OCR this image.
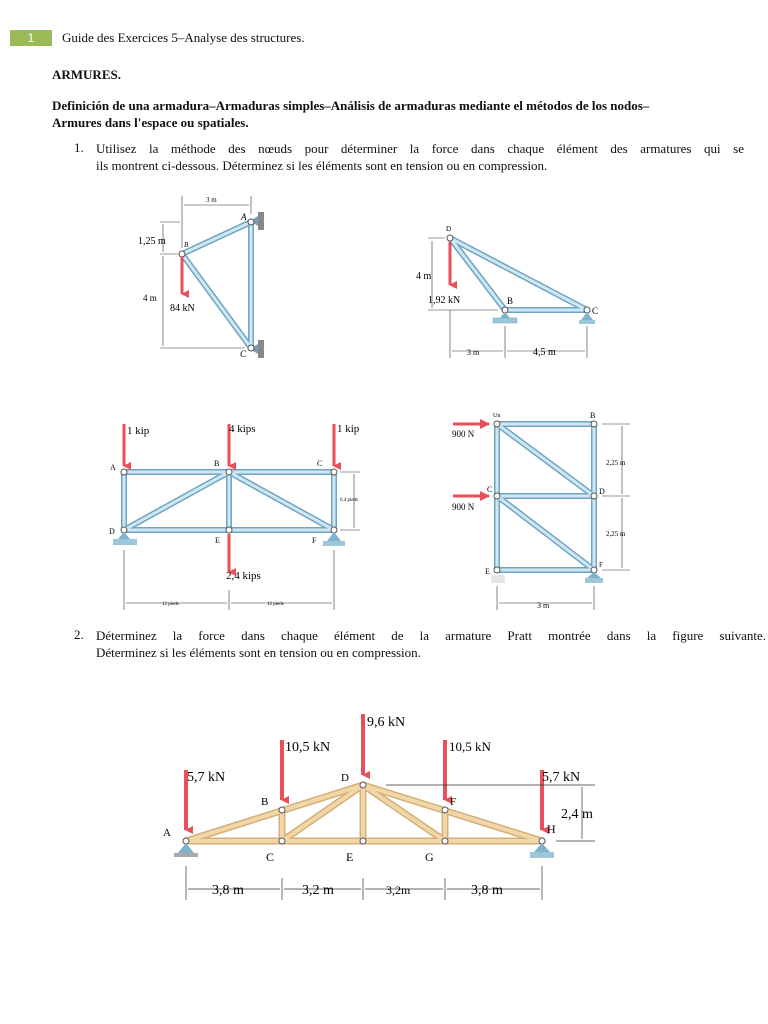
1	Guide des Exercices 5–Analyse des structures.
ARMURES.
Definición de una armadura–Armaduras simples–Análisis de armaduras mediante el métodos de los nodos–
Armures dans l'espace ou spatiales.
1. Utilisez la méthode des nœuds pour déterminer la force dans chaque élément des armatures qui se
ils montrent ci-dessous. Déterminez si les éléments sont en tension ou en compression.
2. Déterminez la force dans chaque élément de la armature Pratt montrée dans la figure suivante.
Déterminez si les éléments sont en tension ou en compression.
3 m
1,25 m
4 m
84 kN
A
B
C
D
4 m
1,92 kN	B
C
3 m	4,5 m
1 kip	4 kips	1 kip
2,4 kips
A	B	C
D
E	F
6.4 pieds
12 pieds	12 pieds
Un	B
C	D
E
F
900 N
900 N
2,25 m
2,25 m
3 m
5,7 kN
10,5 kN
9,6 kN
10,5 kN
5,7 kN
A
B
C
D
E
F
G
H
2,4 m
3,8 m	3,2 m	3,2m	3,8 m
